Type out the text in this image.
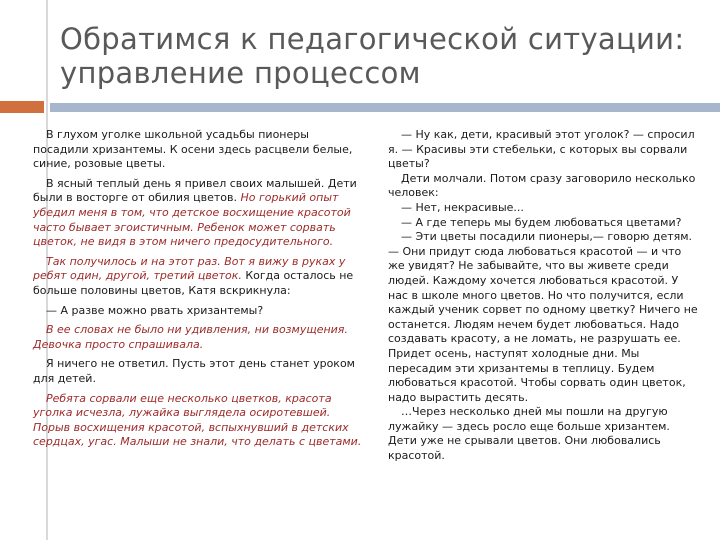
Обратимся к педагогической ситуации:
управление процессом

В глухом уголке школьной усадьбы пионеры посадили хризантемы. К осени здесь расцвели белые, синие, розовые цветы.

В ясный теплый день я привел своих малышей. Дети были в восторге от обилия цветов. Но горький опыт убедил меня в том, что детское восхищение красотой часто бывает эгоистичным. Ребенок может сорвать цветок, не видя в этом ничего предосудительного.

Так получилось и на этот раз. Вот я вижу в руках у ребят один, другой, третий цветок. Когда осталось не больше половины цветов, Катя вскрикнула:

— А разве можно рвать хризантемы?

В ее словах не было ни удивления, ни возмущения. Девочка просто спрашивала.

Я ничего не ответил. Пусть этот день станет уроком для детей.

Ребята сорвали еще несколько цветков, красота уголка исчезла, лужайка выглядела осиротевшей. Порыв восхищения красотой, вспыхнувший в детских сердцах, угас. Малыши не знали, что делать с цветами.

— Ну как, дети, красивый этот уголок? — спросил я. — Красивы эти стебельки, с которых вы сорвали цветы?

Дети молчали. Потом сразу заговорило несколько человек:

— Нет, некрасивые...

— А где теперь мы будем любоваться цветами?

— Эти цветы посадили пионеры,— говорю детям.— Они придут сюда любоваться красотой — и что же увидят? Не забывайте, что вы живете среди людей. Каждому хочется любоваться красотой. У нас в школе много цветов. Но что получится, если каждый ученик сорвет по одному цветку? Ничего не останется. Людям нечем будет любоваться. Надо создавать красоту, а не ломать, не разрушать ее. Придет осень, наступят холодные дни. Мы пересадим эти хризантемы в теплицу. Будем любоваться красотой. Чтобы сорвать один цветок, надо вырастить десять.

…Через несколько дней мы пошли на другую лужайку — здесь росло еще больше хризантем. Дети уже не срывали цветов. Они любовались красотой.
